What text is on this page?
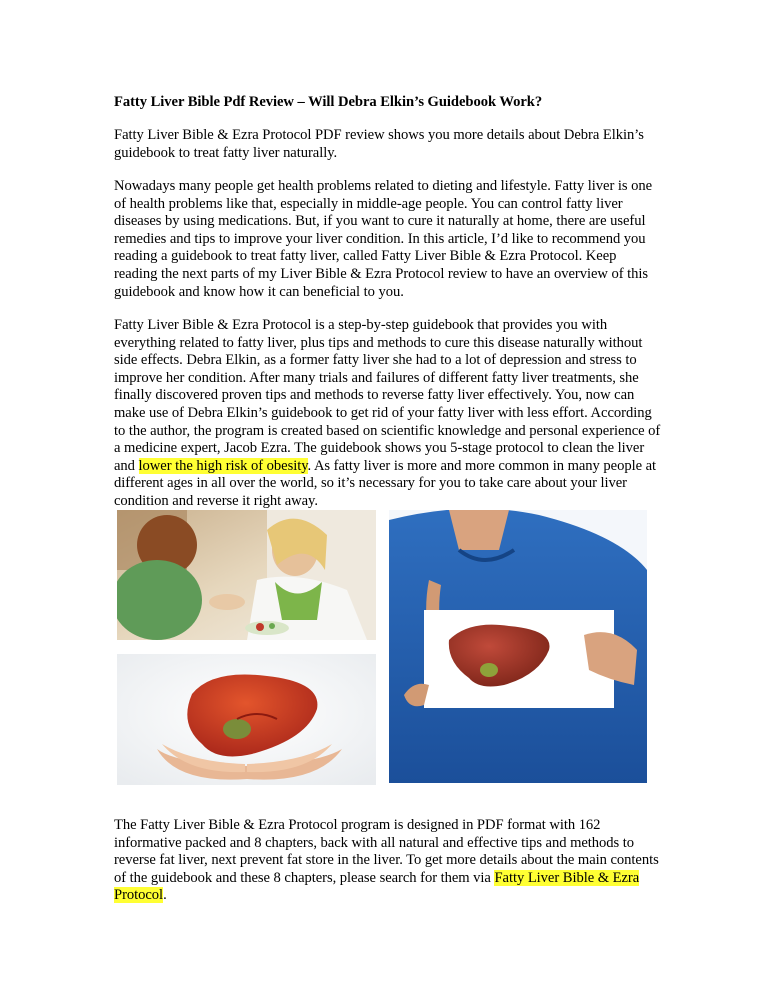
Fatty Liver Bible Pdf Review – Will Debra Elkin’s Guidebook Work?
Fatty Liver Bible & Ezra Protocol PDF review shows you more details about Debra Elkin’s guidebook to treat fatty liver naturally.
Nowadays many people get health problems related to dieting and lifestyle. Fatty liver is one of health problems like that, especially in middle-age people. You can control fatty liver diseases by using medications. But, if you want to cure it naturally at home, there are useful remedies and tips to improve your liver condition. In this article, I’d like to recommend you reading a guidebook to treat fatty liver, called Fatty Liver Bible & Ezra Protocol. Keep reading the next parts of my Liver Bible & Ezra Protocol review to have an overview of this guidebook and know how it can beneficial to you.
Fatty Liver Bible & Ezra Protocol is a step-by-step guidebook that provides you with everything related to fatty liver, plus tips and methods to cure this disease naturally without side effects. Debra Elkin, as a former fatty liver she had to a lot of depression and stress to improve her condition. After many trials and failures of different fatty liver treatments, she finally discovered proven tips and methods to reverse fatty liver effectively. You, now can make use of Debra Elkin’s guidebook to get rid of your fatty liver with less effort. According to the author, the program is created based on scientific knowledge and personal experience of a medicine expert, Jacob Ezra. The guidebook shows you 5-stage protocol to clean the liver and lower the high risk of obesity. As fatty liver is more and more common in many people at different ages in all over the world, so it’s necessary for you to take care about your liver condition and reverse it right away.
The Fatty Liver Bible & Ezra Protocol program is designed in PDF format with 162 informative packed and 8 chapters, back with all natural and effective tips and methods to reverse fat liver, next prevent fat store in the liver. To get more details about the main contents of the guidebook and these 8 chapters, please search for them via Fatty Liver Bible & Ezra Protocol.
